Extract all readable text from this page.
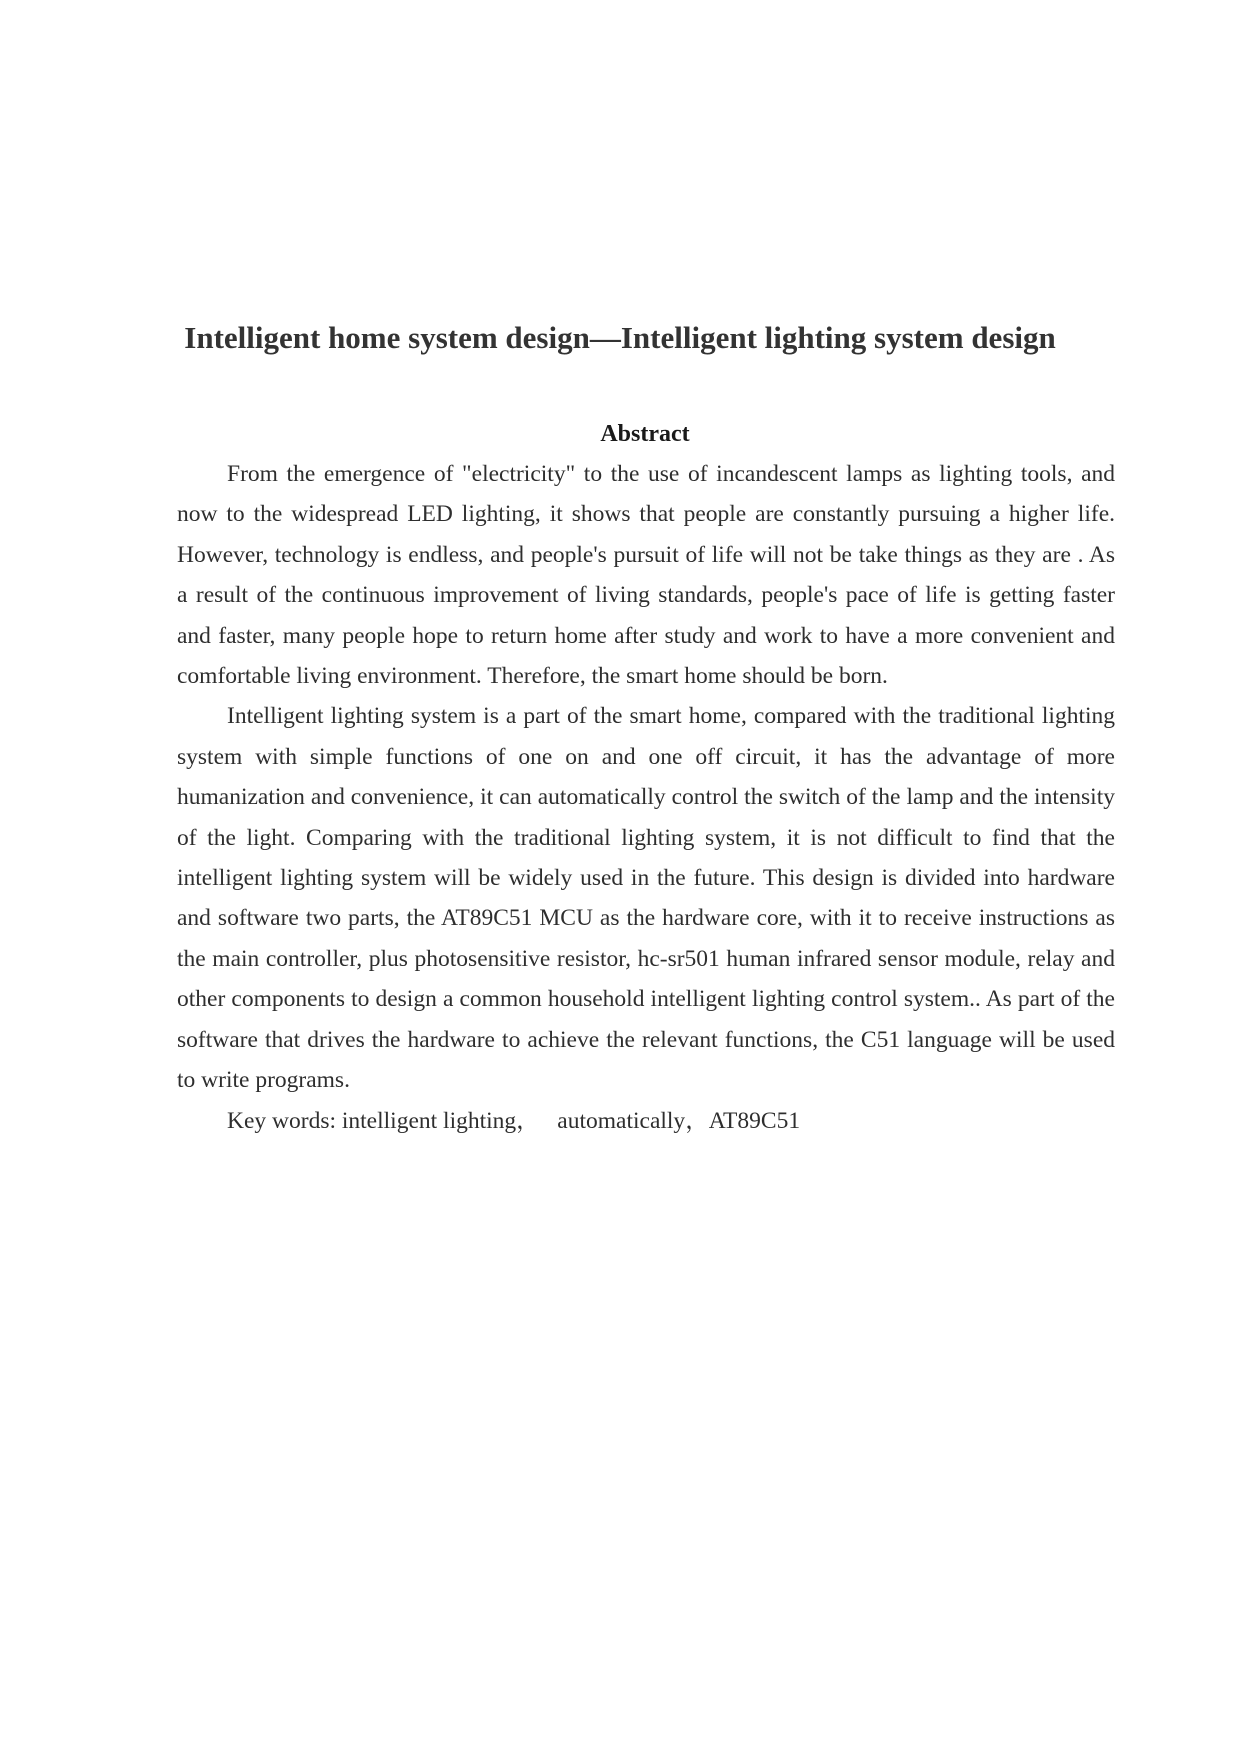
Intelligent home system design—Intelligent lighting system design
Abstract

From the emergence of "electricity" to the use of incandescent lamps as lighting tools, and now to the widespread LED lighting, it shows that people are constantly pursuing a higher life. However, technology is endless, and people's pursuit of life will not be take things as they are . As a result of the continuous improvement of living standards, people's pace of life is getting faster and faster, many people hope to return home after study and work to have a more convenient and comfortable living environment. Therefore, the smart home should be born.

Intelligent lighting system is a part of the smart home, compared with the traditional lighting system with simple functions of one on and one off circuit, it has the advantage of more humanization and convenience, it can automatically control the switch of the lamp and the intensity of the light. Comparing with the traditional lighting system, it is not difficult to find that the intelligent lighting system will be widely used in the future. This design is divided into hardware and software two parts, the AT89C51 MCU as the hardware core, with it to receive instructions as the main controller, plus photosensitive resistor, hc-sr501 human infrared sensor module, relay and other components to design a common household intelligent lighting control system.. As part of the software that drives the hardware to achieve the relevant functions, the C51 language will be used to write programs.

Key words: intelligent lighting，   automatically，AT89C51
